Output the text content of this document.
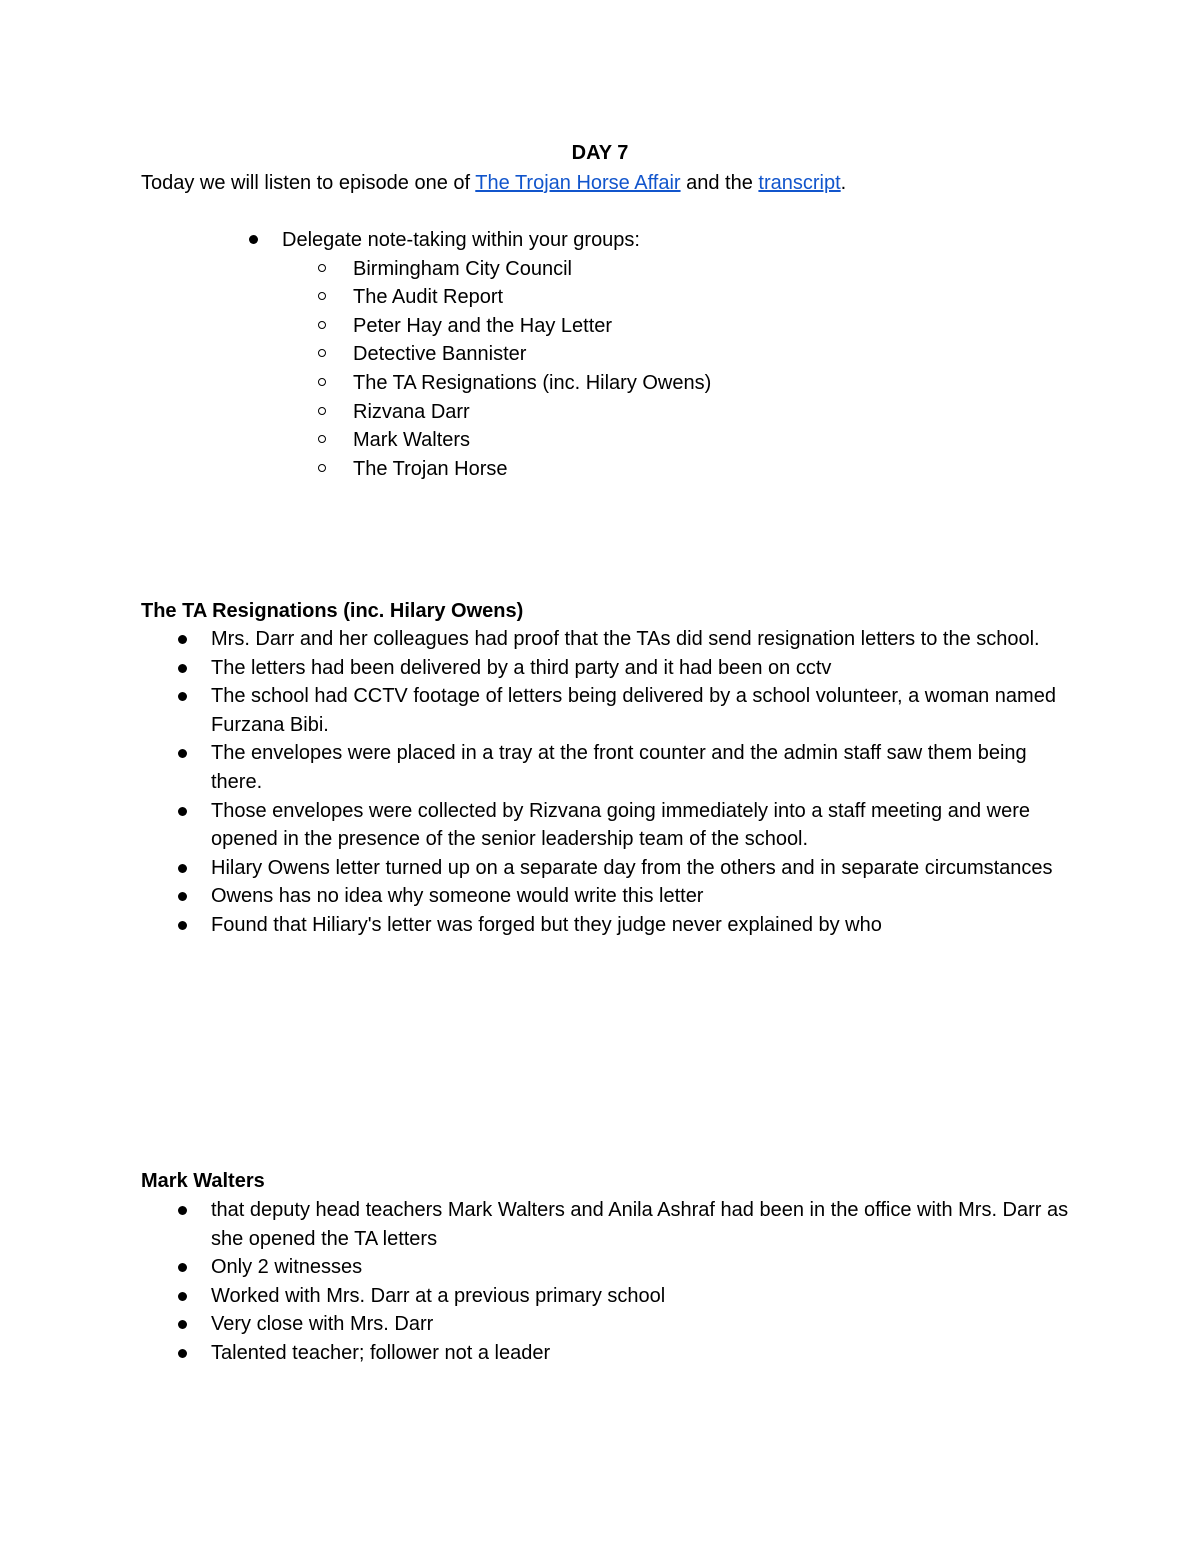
DAY 7
Today we will listen to episode one of The Trojan Horse Affair and the transcript.
Delegate note-taking within your groups:
Birmingham City Council
The Audit Report
Peter Hay and the Hay Letter
Detective Bannister
The TA Resignations (inc. Hilary Owens)
Rizvana Darr
Mark Walters
The Trojan Horse
The TA Resignations (inc. Hilary Owens)
Mrs. Darr and her colleagues had proof that the TAs did send resignation letters to the school.
The letters had been delivered by a third party and it had been on cctv
The school had CCTV footage of letters being delivered by a school volunteer, a woman named Furzana Bibi.
The envelopes were placed in a tray at the front counter and the admin staff saw them being there.
Those envelopes were collected by Rizvana going immediately into a staff meeting and were opened in the presence of the senior leadership team of the school.
Hilary Owens letter turned up on a separate day from the others and in separate circumstances
Owens has no idea why someone would write this letter
Found that Hiliary's letter was forged but they judge never explained by who
Mark Walters
that deputy head teachers Mark Walters and Anila Ashraf had been in the office with Mrs. Darr as she opened the TA letters
Only 2 witnesses
Worked with Mrs. Darr at a previous primary school
Very close with Mrs. Darr
Talented teacher; follower not a leader
